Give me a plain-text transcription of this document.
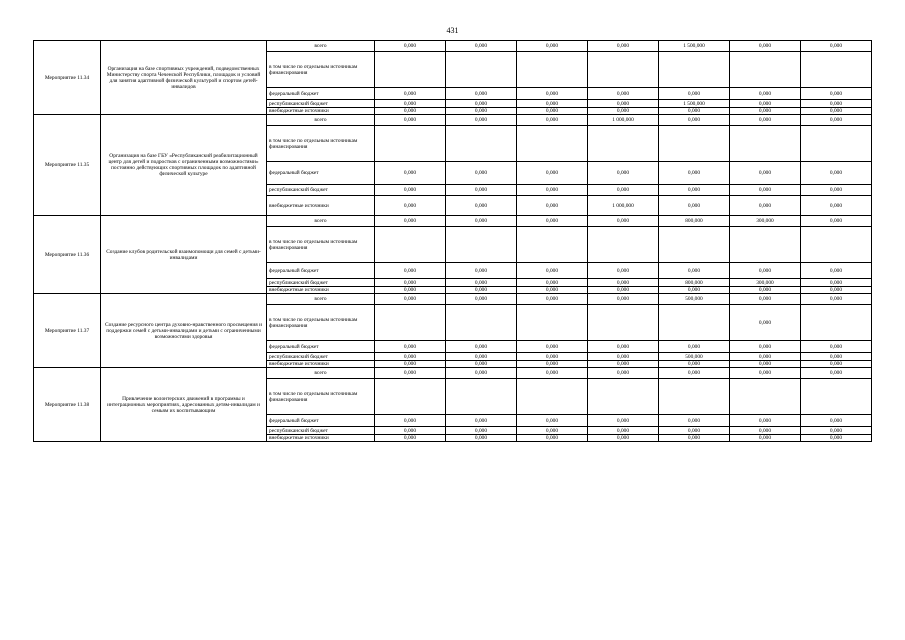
431
Мероприятие 11.34	Организация на базе спортивных учреждений, подведомственных Министерству спорта Чеченской Республики, площадок и условий для занятия адаптивной физической культурой и спортом детей- инвалидов	всего	0,000	0,000	0,000	0,000	1 500,000	0,000	0,000
		в том числе по отдельным источникам финансирования							
		федеральный бюджет	0,000	0,000	0,000	0,000	0,000	0,000	0,000
		республиканский бюджет	0,000	0,000	0,000	0,000	1 500,000	0,000	0,000
		внебюджетные источники	0,000	0,000	0,000	0,000	0,000	0,000	0,000
Мероприятие 11.35	Организация на базе ГБУ «Республиканский реабилитационный центр для детей и подростков с ограниченными возможностями» постоянно действующих спортивных площадок по адаптивной физической культуре	всего	0,000	0,000	0,000	1 000,000	0,000	0,000	0,000
		в том числе по отдельным источникам финансирования							
		федеральный бюджет	0,000	0,000	0,000	0,000	0,000	0,000	0,000
		республиканский бюджет	0,000	0,000	0,000	0,000	0,000	0,000	0,000
		внебюджетные источники	0,000	0,000	0,000	1 000,000	0,000	0,000	0,000
Мероприятие 11.36	Создание клубов родительской взаимопомощи для семей с детьми-инвалидами	всего	0,000	0,000	0,000	0,000	800,000	300,000	0,000
		в том числе по отдельным источникам финансирования							
		федеральный бюджет	0,000	0,000	0,000	0,000	0,000	0,000	0,000
		республиканский бюджет	0,000	0,000	0,000	0,000	800,000	300,000	0,000
		внебюджетные источники	0,000	0,000	0,000	0,000	0,000	0,000	0,000
Мероприятие 11.37	Создание ресурсного центра духовно-нравственного просвещения и поддержки семей с детьми-инвалидами и детьми с ограниченными возможностями здоровья	всего	0,000	0,000	0,000	0,000	500,000	0,000	0,000
		в том числе по отдельным источникам финансирования						0,000	
		федеральный бюджет	0,000	0,000	0,000	0,000	0,000	0,000	0,000
		республиканский бюджет	0,000	0,000	0,000	0,000	500,000	0,000	0,000
		внебюджетные источники	0,000	0,000	0,000	0,000	0,000	0,000	0,000
Мероприятие 11.38	Привлечение волонтерских движений в программы и интеграционных мероприятиях, адресованных детям-инвалидам и семьям их воспитывающим	всего	0,000	0,000	0,000	0,000	0,000	0,000	0,000
		в том числе по отдельным источникам финансирования							
		федеральный бюджет	0,000	0,000	0,000	0,000	0,000	0,000	0,000
		республиканский бюджет	0,000	0,000	0,000	0,000	0,000	0,000	0,000
		внебюджетные источники	0,000	0,000	0,000	0,000	0,000	0,000	0,000
